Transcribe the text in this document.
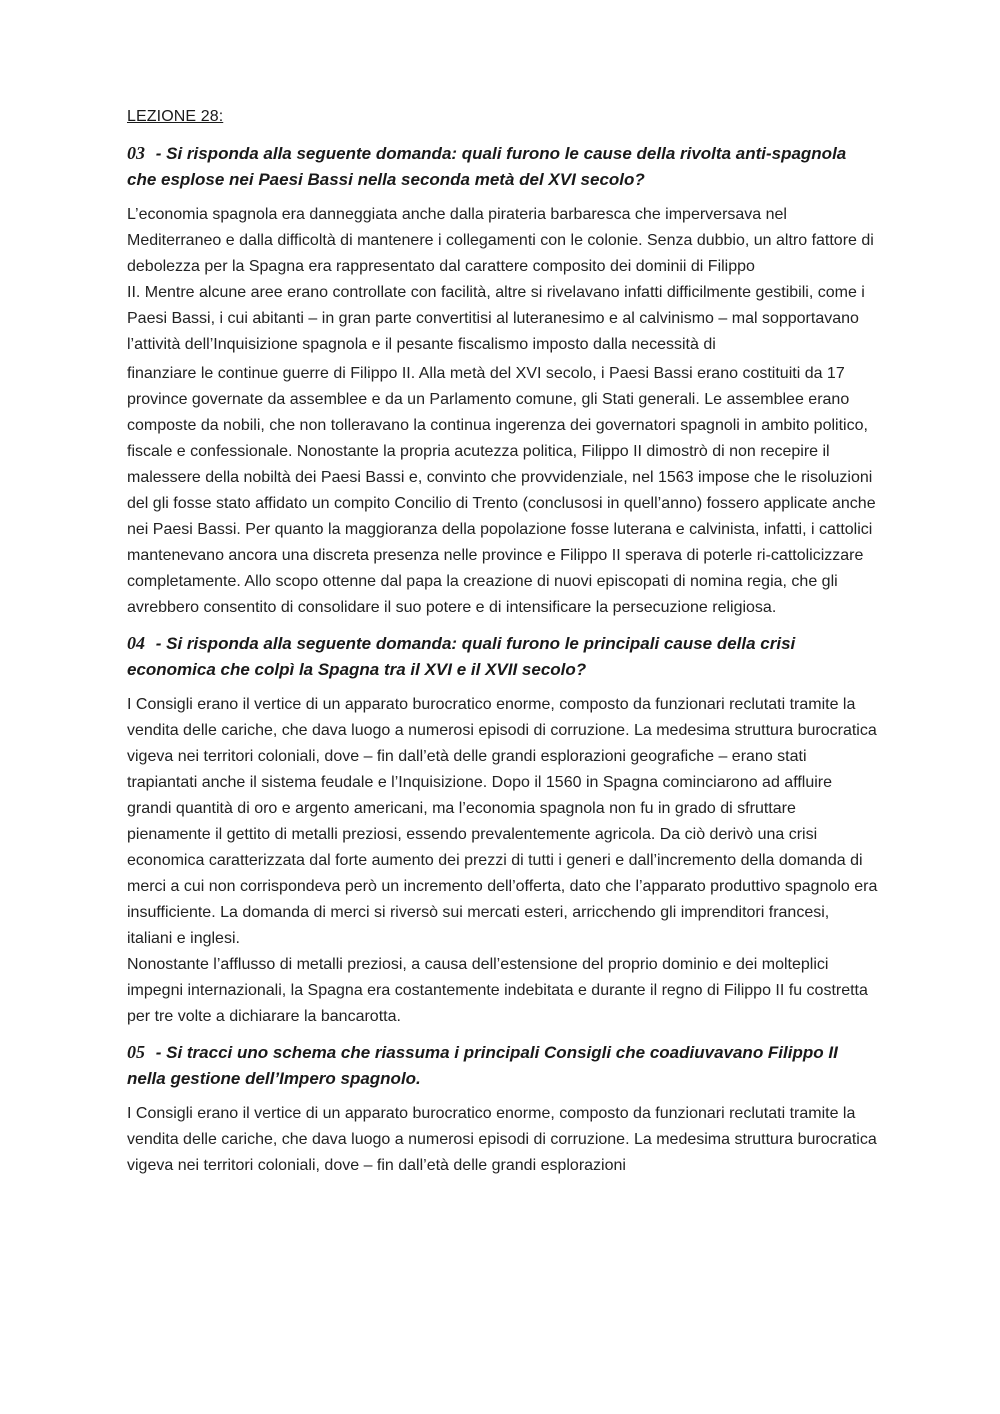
LEZIONE 28:
03 - Si risponda alla seguente domanda: quali furono le cause della rivolta anti-spagnola che esplose nei Paesi Bassi nella seconda metà del XVI secolo?

L’economia spagnola era danneggiata anche dalla pirateria barbaresca che imperversava nel Mediterraneo e dalla difficoltà di mantenere i collegamenti con le colonie. Senza dubbio, un altro fattore di debolezza per la Spagna era rappresentato dal carattere composito dei dominii di Filippo

II. Mentre alcune aree erano controllate con facilità, altre si rivelavano infatti difficilmente gestibili, come i Paesi Bassi, i cui abitanti – in gran parte convertitisi al luteranesimo e al calvinismo – mal sopportavano l’attività dell’Inquisizione spagnola e il pesante fiscalismo imposto dalla necessità di

finanziare le continue guerre di Filippo II. Alla metà del XVI secolo, i Paesi Bassi erano costituiti da 17 province governate da assemblee e da un Parlamento comune, gli Stati generali. Le assemblee erano composte da nobili, che non tolleravano la continua ingerenza dei governatori spagnoli in ambito politico, fiscale e confessionale. Nonostante la propria acutezza politica, Filippo II dimostrò di non recepire il malessere della nobiltà dei Paesi Bassi e, convinto che provvidenziale, nel 1563 impose che le risoluzioni del gli fosse stato affidato un compito Concilio di Trento (conclusosi in quell’anno) fossero applicate anche nei Paesi Bassi. Per quanto la maggioranza della popolazione fosse luterana e calvinista, infatti, i cattolici mantenevano ancora una discreta presenza nelle province e Filippo II sperava di poterle ri-cattolicizzare completamente. Allo scopo ottenne dal papa la creazione di nuovi episcopati di nomina regia, che gli avrebbero consentito di consolidare il suo potere e di intensificare la persecuzione religiosa.

04 - Si risponda alla seguente domanda: quali furono le principali cause della crisi economica che colpì la Spagna tra il XVI e il XVII secolo?

I Consigli erano il vertice di un apparato burocratico enorme, composto da funzionari reclutati tramite la vendita delle cariche, che dava luogo a numerosi episodi di corruzione. La medesima struttura burocratica vigeva nei territori coloniali, dove – fin dall’età delle grandi esplorazioni geografiche – erano stati trapiantati anche il sistema feudale e l’Inquisizione. Dopo il 1560 in Spagna cominciarono ad affluire grandi quantità di oro e argento americani, ma l’economia spagnola non fu in grado di sfruttare pienamente il gettito di metalli preziosi, essendo prevalentemente agricola. Da ciò derivò una crisi economica caratterizzata dal forte aumento dei prezzi di tutti i generi e dall’incremento della domanda di merci a cui non corrispondeva però un incremento dell’offerta, dato che l’apparato produttivo spagnolo era insufficiente. La domanda di merci si riversò sui mercati esteri, arricchendo gli imprenditori francesi, italiani e inglesi.

Nonostante l’afflusso di metalli preziosi, a causa dell’estensione del proprio dominio e dei molteplici impegni internazionali, la Spagna era costantemente indebitata e durante il regno di Filippo II fu costretta per tre volte a dichiarare la bancarotta.

05 - Si tracci uno schema che riassuma i principali Consigli che coadiuvavano Filippo II nella gestione dell’Impero spagnolo.

I Consigli erano il vertice di un apparato burocratico enorme, composto da funzionari reclutati tramite la vendita delle cariche, che dava luogo a numerosi episodi di corruzione. La medesima struttura burocratica vigeva nei territori coloniali, dove – fin dall’età delle grandi esplorazioni
